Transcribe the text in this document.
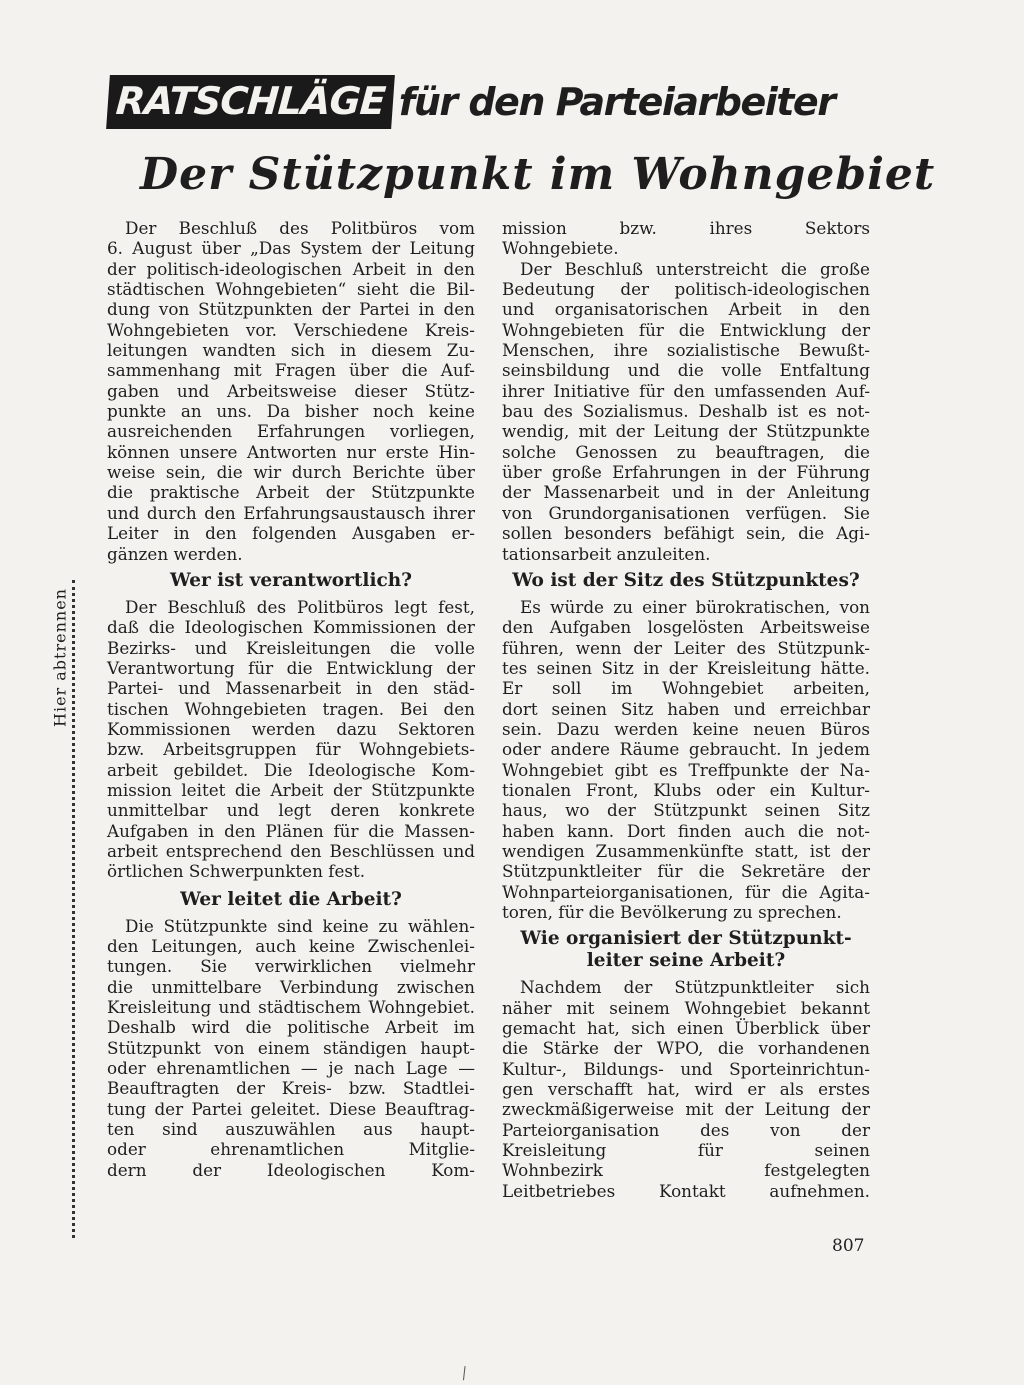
RATSCHLÄGE für den Parteiarbeiter
Der Stützpunkt im Wohngebiet
Hier abtrennen
Der Beschluß des Politbüros vom
6. August über „Das System der Leitung
der politisch-ideologischen Arbeit in den
städtischen Wohngebieten“ sieht die Bil-
dung von Stützpunkten der Partei in den
Wohngebieten vor. Verschiedene Kreis-
leitungen wandten sich in diesem Zu-
sammenhang mit Fragen über die Auf-
gaben und Arbeitsweise dieser Stütz-
punkte an uns. Da bisher noch keine
ausreichenden Erfahrungen vorliegen,
können unsere Antworten nur erste Hin-
weise sein, die wir durch Berichte über
die praktische Arbeit der Stützpunkte
und durch den Erfahrungsaustausch ihrer
Leiter in den folgenden Ausgaben er-
gänzen werden.
Wer ist verantwortlich?
Der Beschluß des Politbüros legt fest,
daß die Ideologischen Kommissionen der
Bezirks- und Kreisleitungen die volle
Verantwortung für die Entwicklung der
Partei- und Massenarbeit in den städ-
tischen Wohngebieten tragen. Bei den
Kommissionen werden dazu Sektoren
bzw. Arbeitsgruppen für Wohngebiets-
arbeit gebildet. Die Ideologische Kom-
mission leitet die Arbeit der Stützpunkte
unmittelbar und legt deren konkrete
Aufgaben in den Plänen für die Massen-
arbeit entsprechend den Beschlüssen und
örtlichen Schwerpunkten fest.
Wer leitet die Arbeit?
Die Stützpunkte sind keine zu wählen-
den Leitungen, auch keine Zwischenlei-
tungen. Sie verwirklichen vielmehr
die unmittelbare Verbindung zwischen
Kreisleitung und städtischem Wohngebiet.
Deshalb wird die politische Arbeit im
Stützpunkt von einem ständigen haupt-
oder ehrenamtlichen — je nach Lage —
Beauftragten der Kreis- bzw. Stadtlei-
tung der Partei geleitet. Diese Beauftrag-
ten sind auszuwählen aus haupt-
oder	ehrenamtlichen	Mitglie-
dern	der	Ideologischen	Kom-
mission	bzw.	ihres	Sektors
Wohngebiete.
Der Beschluß unterstreicht die große
Bedeutung der politisch-ideologischen
und organisatorischen Arbeit in den
Wohngebieten für die Entwicklung der
Menschen, ihre sozialistische Bewußt-
seinsbildung und die volle Entfaltung
ihrer Initiative für den umfassenden Auf-
bau des Sozialismus. Deshalb ist es not-
wendig, mit der Leitung der Stützpunkte
solche Genossen zu beauftragen, die
über große Erfahrungen in der Führung
der Massenarbeit und in der Anleitung
von Grundorganisationen verfügen. Sie
sollen besonders befähigt sein, die Agi-
tationsarbeit anzuleiten.
Wo ist der Sitz des Stützpunktes?
Es würde zu einer bürokratischen, von
den Aufgaben losgelösten Arbeitsweise
führen, wenn der Leiter des Stützpunk-
tes seinen Sitz in der Kreisleitung hätte.
Er soll im Wohngebiet arbeiten,
dort seinen Sitz haben und erreichbar
sein. Dazu werden keine neuen Büros
oder andere Räume gebraucht. In jedem
Wohngebiet gibt es Treffpunkte der Na-
tionalen Front, Klubs oder ein Kultur-
haus, wo der Stützpunkt seinen Sitz
haben kann. Dort finden auch die not-
wendigen Zusammenkünfte statt, ist der
Stützpunktleiter für die Sekretäre der
Wohnparteiorganisationen, für die Agita-
toren, für die Bevölkerung zu sprechen.
Wie organisiert der Stützpunkt-
leiter seine Arbeit?
Nachdem der Stützpunktleiter sich
näher mit seinem Wohngebiet bekannt
gemacht hat, sich einen Überblick über
die Stärke der WPO, die vorhandenen
Kultur-, Bildungs- und Sporteinrichtun-
gen verschafft hat, wird er als erstes
zweckmäßigerweise mit der Leitung der
Parteiorganisation des von der
Kreisleitung	für	seinen
Wohnbezirk	festgelegten
Leitbetriebes	Kontakt	aufnehmen.
807
⁄
